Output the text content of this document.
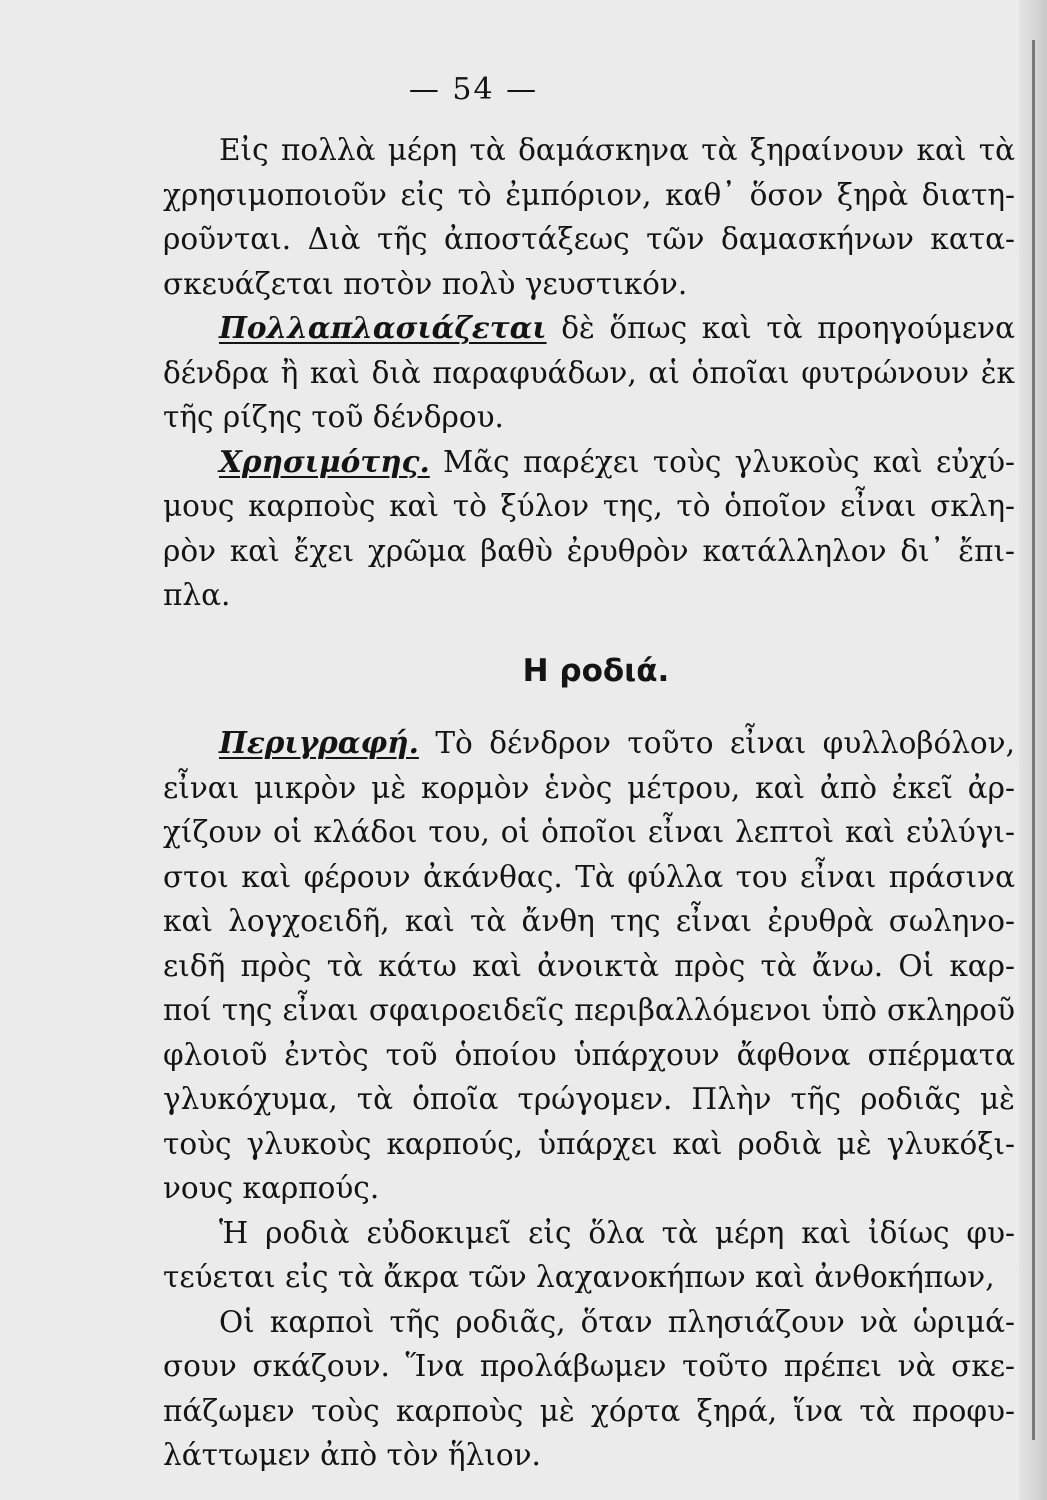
— 54 —
Εἰς πολλὰ μέρη τὰ δαμάσκηνα τὰ ξηραίνουν καὶ τὰ
χρησιμοποιοῦν εἰς τὸ ἐμπόριον, καθ᾽ ὅσον ξηρὰ διατη-
ροῦνται. Διὰ τῆς ἀποστάξεως τῶν δαμασκήνων κατα-
σκευάζεται ποτὸν πολὺ γευστικόν.
Πολλαπλασιάζεται δὲ ὅπως καὶ τὰ προηγούμενα
δένδρα ἢ καὶ διὰ παραφυάδων, αἱ ὁποῖαι φυτρώνουν ἐκ
τῆς ρίζης τοῦ δένδρου.
Χρησιμότης. Μᾶς παρέχει τοὺς γλυκοὺς καὶ εὐχύ-
μους καρποὺς καὶ τὸ ξύλον της, τὸ ὁποῖον εἶναι σκλη-
ρὸν καὶ ἔχει χρῶμα βαθὺ ἐρυθρὸν κατάλληλον δι᾽ ἔπι-
πλα.
Η ροδιά.
Περιγραφή. Τὸ δένδρον τοῦτο εἶναι φυλλοβόλον,
εἶναι μικρὸν μὲ κορμὸν ἑνὸς μέτρου, καὶ ἀπὸ ἐκεῖ ἀρ-
χίζουν οἱ κλάδοι του, οἱ ὁποῖοι εἶναι λεπτοὶ καὶ εὐλύγι-
στοι καὶ φέρουν ἀκάνθας. Τὰ φύλλα του εἶναι πράσινα
καὶ λογχοειδῆ, καὶ τὰ ἄνθη της εἶναι ἐρυθρὰ σωληνο-
ειδῆ πρὸς τὰ κάτω καὶ ἀνοικτὰ πρὸς τὰ ἄνω. Οἱ καρ-
ποί της εἶναι σφαιροειδεῖς περιβαλλόμενοι ὑπὸ σκληροῦ
φλοιοῦ ἐντὸς τοῦ ὁποίου ὑπάρχουν ἄφθονα σπέρματα
γλυκόχυμα, τὰ ὁποῖα τρώγομεν. Πλὴν τῆς ροδιᾶς μὲ
τοὺς γλυκοὺς καρπούς, ὑπάρχει καὶ ροδιὰ μὲ γλυκόξι-
νους καρπούς.
Ἡ ροδιὰ εὐδοκιμεῖ εἰς ὅλα τὰ μέρη καὶ ἰδίως φυ-
τεύεται εἰς τὰ ἄκρα τῶν λαχανοκήπων καὶ ἀνθοκήπων,
Οἱ καρποὶ τῆς ροδιᾶς, ὅταν πλησιάζουν νὰ ὡριμά-
σουν σκάζουν. Ἵνα προλάβωμεν τοῦτο πρέπει νὰ σκε-
πάζωμεν τοὺς καρποὺς μὲ χόρτα ξηρά, ἵνα τὰ προφυ-
λάττωμεν ἀπὸ τὸν ἥλιον.
